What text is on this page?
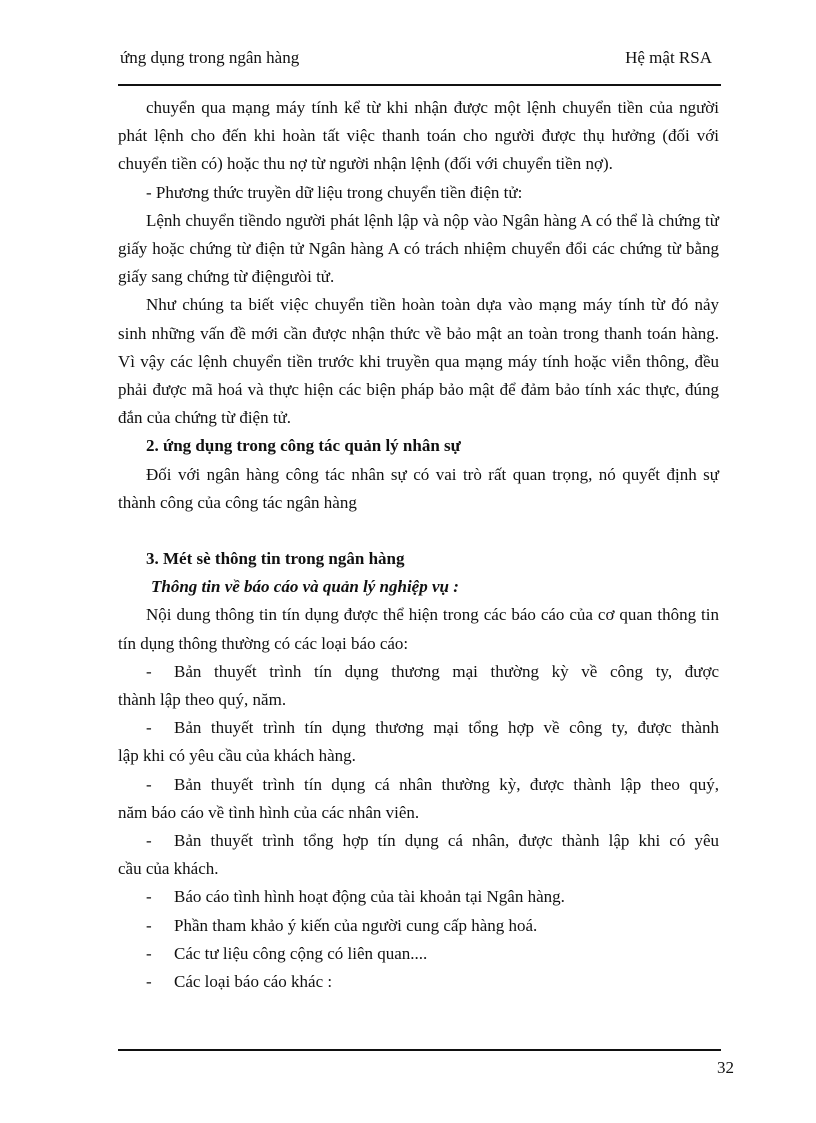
ứng dụng trong ngân hàng	Hệ mật RSA

chuyển qua mạng máy tính kể từ khi nhận được một lệnh chuyển tiền của người phát lệnh cho đến khi hoàn tất việc thanh toán cho người được thụ hưởng (đối với chuyển tiền có) hoặc thu nợ từ người nhận lệnh (đối với chuyển tiền nợ).

- Phương thức truyền dữ liệu trong chuyển tiền điện tử:

Lệnh chuyển tiềndo người phát lệnh lập và nộp vào Ngân hàng A có thể là chứng từ giấy hoặc chứng từ điện tử Ngân hàng A có trách nhiệm chuyển đổi các chứng từ bằng giấy sang chứng từ điệngưòi tử.

Như chúng ta biết việc chuyển tiền hoàn toàn dựa vào mạng máy tính từ đó nảy sinh những vấn đề mới cần được nhận thức về bảo mật an toàn trong thanh toán hàng. Vì vậy các lệnh chuyển tiền trước khi truyền qua mạng máy tính hoặc viễn thông, đều phải được mã hoá và thực hiện các biện pháp bảo mật để đảm bảo tính xác thực, đúng đắn của chứng từ điện tử.

2. ứng dụng trong công tác quản lý nhân sự

Đối với ngân hàng công tác nhân sự có vai trò rất quan trọng, nó quyết định sự thành công của công tác ngân hàng

3. Mét sè thông tin trong ngân hàng

Thông tin về báo cáo và quản lý nghiệp vụ :

Nội dung thông tin tín dụng được thể hiện trong các báo cáo của cơ quan thông tin tín dụng thông thường có các loại báo cáo:

-	Bản thuyết trình tín dụng thương mại thường kỳ về công ty, được
thành lập theo quý, năm.
-	Bản thuyết trình tín dụng thương mại tổng hợp về công ty, được thành
lập khi có yêu cầu của khách hàng.
-	Bản thuyết trình tín dụng cá nhân thường kỳ, được thành lập theo quý,
năm báo cáo về tình hình của các nhân viên.
-	Bản thuyết trình tổng hợp tín dụng cá nhân, được thành lập khi có yêu
cầu của khách.
-	Báo cáo tình hình hoạt động của tài khoản tại Ngân hàng.
-	Phần tham khảo ý kiến của người cung cấp hàng hoá.
-	Các tư liệu công cộng có liên quan....
-	Các loại báo cáo khác :
32
